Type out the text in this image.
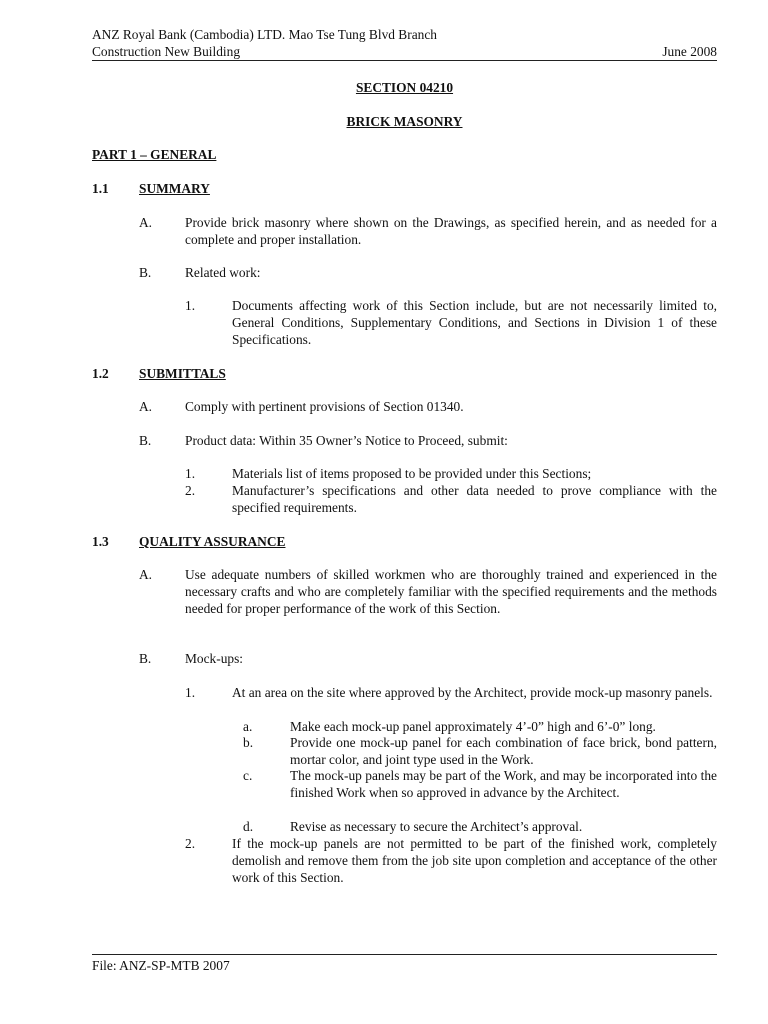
ANZ Royal Bank (Cambodia) LTD. Mao Tse Tung Blvd Branch
Construction New Building	June 2008
SECTION 04210
BRICK MASONRY
PART 1 – GENERAL
1.1 SUMMARY
A. Provide brick masonry where shown on the Drawings, as specified herein, and as needed for a complete and proper installation.
B.	Related work:
1.	Documents affecting work of this Section include, but are not necessarily limited to, General Conditions, Supplementary Conditions, and Sections in Division 1 of these Specifications.
1.2 SUBMITTALS
A. Comply with pertinent provisions of Section 01340.
B.	Product data: Within 35 Owner’s Notice to Proceed, submit:
1.	Materials list of items proposed to be provided under this Sections;
2.	Manufacturer’s specifications and other data needed to prove compliance with the specified requirements.
1.3 QUALITY ASSURANCE
A. Use adequate numbers of skilled workmen who are thoroughly trained and experienced in the necessary crafts and who are completely familiar with the specified requirements and the methods needed for proper performance of the work of this Section.
B.	Mock-ups:
1.	At an area on the site where approved by the Architect, provide mock-up masonry panels.
a.	Make each mock-up panel approximately 4’-0” high and 6’-0” long.
b.	Provide one mock-up panel for each combination of face brick, bond pattern, mortar color, and joint type used in the Work.
c.	The mock-up panels may be part of the Work, and may be incorporated into the finished Work when so approved in advance by the Architect.
d.	Revise as necessary to secure the Architect’s approval.
2.	If the mock-up panels are not permitted to be part of the finished work, completely demolish and remove them from the job site upon completion and acceptance of the other work of this Section.
File: ANZ-SP-MTB 2007
